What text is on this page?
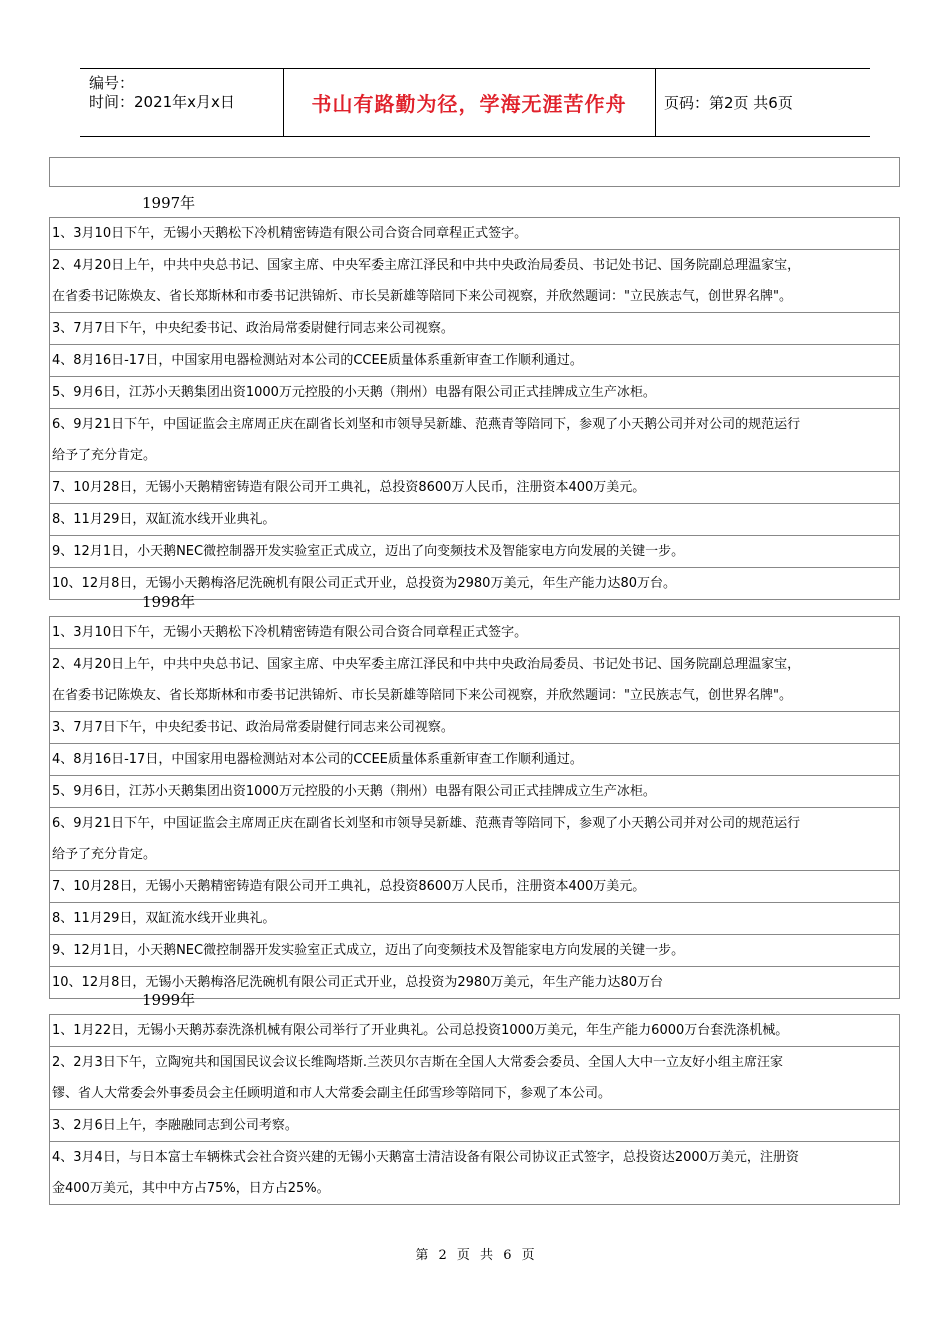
编号：
时间：2021年x月x日	书山有路勤为径，学海无涯苦作舟	页码：第2页 共6页
1997年
1、3月10日下午，无锡小天鹅松下冷机精密铸造有限公司合资合同章程正式签字。
2、4月20日上午，中共中央总书记、国家主席、中央军委主席江泽民和中共中央政治局委员、书记处书记、国务院副总理温家宝，
在省委书记陈焕友、省长郑斯林和市委书记洪锦炘、市长吴新雄等陪同下来公司视察，并欣然题词："立民族志气，创世界名牌"。
3、7月7日下午，中央纪委书记、政治局常委尉健行同志来公司视察。
4、8月16日-17日，中国家用电器检测站对本公司的CCEE质量体系重新审查工作顺利通过。
5、9月6日，江苏小天鹅集团出资1000万元控股的小天鹅（荆州）电器有限公司正式挂牌成立生产冰柜。
6、9月21日下午，中国证监会主席周正庆在副省长刘坚和市领导吴新雄、范燕青等陪同下，参观了小天鹅公司并对公司的规范运行
给予了充分肯定。
7、10月28日，无锡小天鹅精密铸造有限公司开工典礼，总投资8600万人民币，注册资本400万美元。
8、11月29日，双缸流水线开业典礼。
9、12月1日，小天鹅NEC微控制器开发实验室正式成立，迈出了向变频技术及智能家电方向发展的关键一步。
10、12月8日，无锡小天鹅梅洛尼洗碗机有限公司正式开业，总投资为2980万美元，年生产能力达80万台。
1998年
1、3月10日下午，无锡小天鹅松下冷机精密铸造有限公司合资合同章程正式签字。
2、4月20日上午，中共中央总书记、国家主席、中央军委主席江泽民和中共中央政治局委员、书记处书记、国务院副总理温家宝，
在省委书记陈焕友、省长郑斯林和市委书记洪锦炘、市长吴新雄等陪同下来公司视察，并欣然题词："立民族志气，创世界名牌"。
3、7月7日下午，中央纪委书记、政治局常委尉健行同志来公司视察。
4、8月16日-17日，中国家用电器检测站对本公司的CCEE质量体系重新审查工作顺利通过。
5、9月6日，江苏小天鹅集团出资1000万元控股的小天鹅（荆州）电器有限公司正式挂牌成立生产冰柜。
6、9月21日下午，中国证监会主席周正庆在副省长刘坚和市领导吴新雄、范燕青等陪同下，参观了小天鹅公司并对公司的规范运行
给予了充分肯定。
7、10月28日，无锡小天鹅精密铸造有限公司开工典礼，总投资8600万人民币，注册资本400万美元。
8、11月29日，双缸流水线开业典礼。
9、12月1日，小天鹅NEC微控制器开发实验室正式成立，迈出了向变频技术及智能家电方向发展的关键一步。
10、12月8日，无锡小天鹅梅洛尼洗碗机有限公司正式开业，总投资为2980万美元，年生产能力达80万台
1999年
1、1月22日，无锡小天鹅苏泰洗涤机械有限公司举行了开业典礼。公司总投资1000万美元，年生产能力6000万台套洗涤机械。
2、2月3日下午，立陶宛共和国国民议会议长维陶塔斯.兰茨贝尔吉斯在全国人大常委会委员、全国人大中一立友好小组主席汪家
镠、省人大常委会外事委员会主任顾明道和市人大常委会副主任邱雪珍等陪同下，参观了本公司。
3、2月6日上午，李融融同志到公司考察。
4、3月4日，与日本富士车辆株式会社合资兴建的无锡小天鹅富士清洁设备有限公司协议正式签字，总投资达2000万美元，注册资
金400万美元，其中中方占75%，日方占25%。
第 2 页 共 6 页
